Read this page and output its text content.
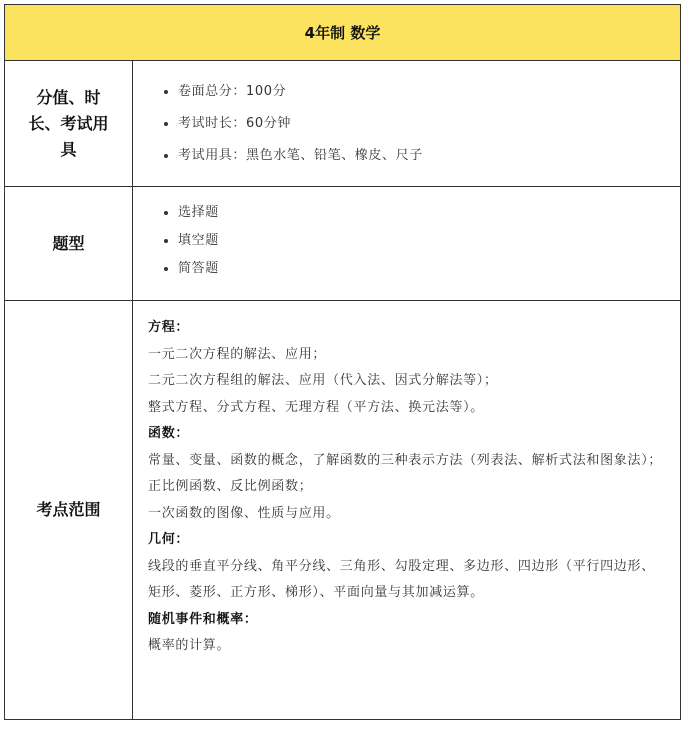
4年制 数学
分值、时长、考试用具
卷面总分：100分
考试时长：60分钟
考试用具：黑色水笔、铅笔、橡皮、尺子
题型
选择题
填空题
简答题
考点范围

方程：

一元二次方程的解法、应用；

二元二次方程组的解法、应用（代入法、因式分解法等）；

整式方程、分式方程、无理方程（平方法、换元法等）。

函数：

常量、变量、函数的概念，了解函数的三种表示方法（列表法、解析式法和图象法）；

正比例函数、反比例函数；

一次函数的图像、性质与应用。

几何：

线段的垂直平分线、角平分线、三角形、勾股定理、多边形、四边形（平行四边形、矩形、菱形、正方形、梯形）、平面向量与其加减运算。

随机事件和概率：

概率的计算。
